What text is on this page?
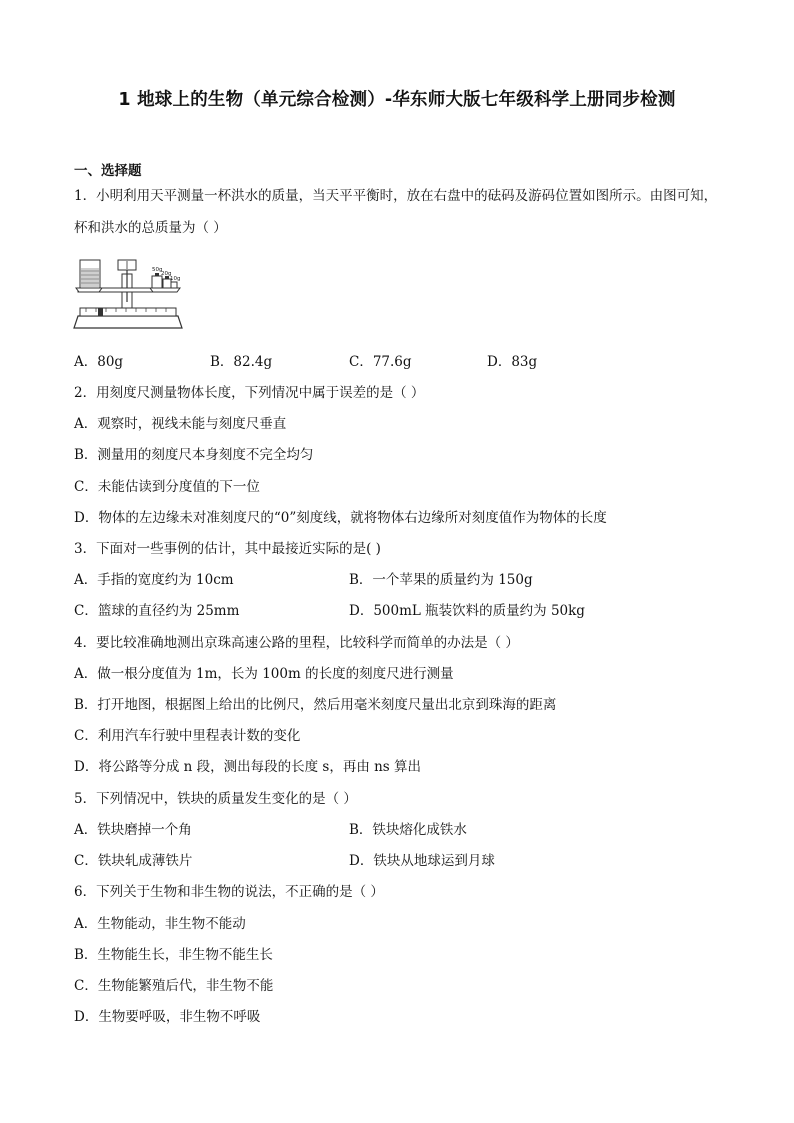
1 地球上的生物（单元综合检测）-华东师大版七年级科学上册同步检测
一、选择题
1．小明利用天平测量一杯洪水的质量，当天平平衡时，放在右盘中的砝码及游码位置如图所示。由图可知，
杯和洪水的总质量为（ ）
50g
20g
10g
A．80g	B．82.4g	C．77.6g	D．83g
2．用刻度尺测量物体长度，下列情况中属于误差的是（ ）
A．观察时，视线未能与刻度尺垂直
B．测量用的刻度尺本身刻度不完全均匀
C．未能估读到分度值的下一位
D．物体的左边缘未对准刻度尺的“0”刻度线，就将物体右边缘所对刻度值作为物体的长度
3．下面对一些事例的估计，其中最接近实际的是( )
A．手指的宽度约为 10cm	B．一个苹果的质量约为 150g
C．篮球的直径约为 25mm	D．500mL 瓶装饮料的质量约为 50kg
4．要比较准确地测出京珠高速公路的里程，比较科学而简单的办法是（ ）
A．做一根分度值为 1m，长为 100m 的长度的刻度尺进行测量
B．打开地图，根据图上给出的比例尺，然后用毫米刻度尺量出北京到珠海的距离
C．利用汽车行驶中里程表计数的变化
D．将公路等分成 n 段，测出每段的长度 s，再由 ns 算出
5．下列情况中，铁块的质量发生变化的是（ ）
A．铁块磨掉一个角	B．铁块熔化成铁水
C．铁块轧成薄铁片	D．铁块从地球运到月球
6．下列关于生物和非生物的说法，不正确的是（ ）
A．生物能动，非生物不能动
B．生物能生长，非生物不能生长
C．生物能繁殖后代，非生物不能
D．生物要呼吸，非生物不呼吸
